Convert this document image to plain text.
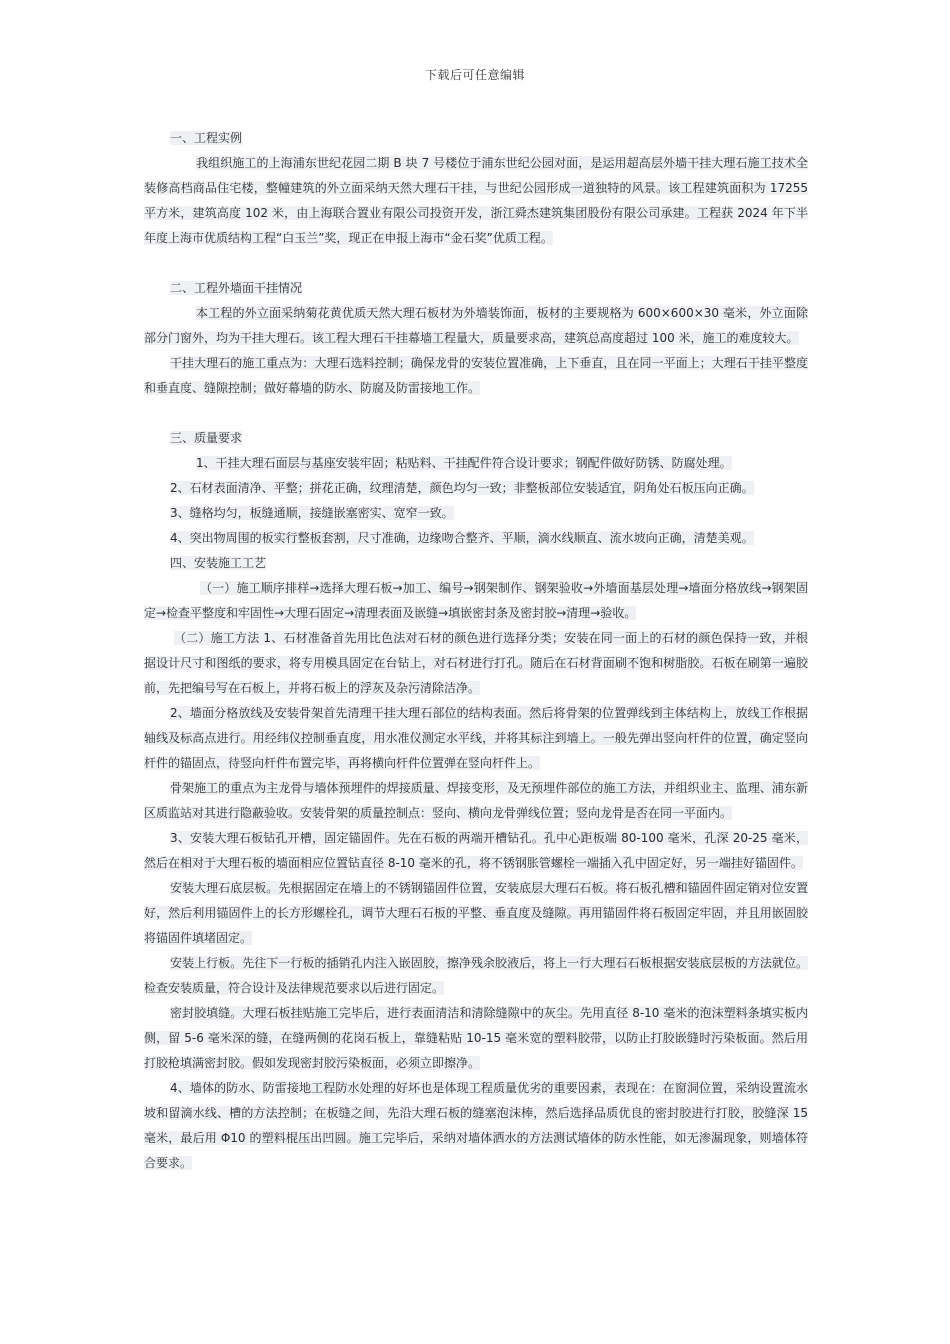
下载后可任意编辑

一、工程实例

我组织施工的上海浦东世纪花园二期 B 块 7 号楼位于浦东世纪公园对面，是运用超高层外墙干挂大理石施工技术全装修高档商品住宅楼，整幢建筑的外立面采纳天然大理石干挂，与世纪公园形成一道独特的风景。该工程建筑面积为 17255 平方米，建筑高度 102 米，由上海联合置业有限公司投资开发，浙江舜杰建筑集团股份有限公司承建。工程获 2024 年下半年度上海市优质结构工程“白玉兰”奖，现正在申报上海市“金石奖”优质工程。

二、工程外墙面干挂情况

本工程的外立面采纳菊花黄优质天然大理石板材为外墙装饰面，板材的主要规格为 600×600×30 毫米，外立面除部分门窗外，均为干挂大理石。该工程大理石干挂幕墙工程量大，质量要求高，建筑总高度超过 100 米，施工的难度较大。

干挂大理石的施工重点为：大理石选料控制；确保龙骨的安装位置准确，上下垂直，且在同一平面上；大理石干挂平整度和垂直度、缝隙控制；做好幕墙的防水、防腐及防雷接地工作。

三、质量要求

1、干挂大理石面层与基座安装牢固；粘贴料、干挂配件符合设计要求；钢配件做好防锈、防腐处理。

2、石材表面清净、平整；拼花正确，纹理清楚，颜色均匀一致；非整板部位安装适宜，阴角处石板压向正确。

3、缝格均匀，板缝通顺，接缝嵌塞密实、宽窄一致。

4、突出物周围的板实行整板套割，尺寸准确，边缘吻合整齐、平顺，滴水线顺直、流水坡向正确，清楚美观。

四、安装施工工艺

（一）施工顺序排样→选择大理石板→加工、编号→钢架制作、钢架验收→外墙面基层处理→墙面分格放线→钢架固定→检查平整度和牢固性→大理石固定→清理表面及嵌缝→填嵌密封条及密封胶→清理→验收。

（二）施工方法 1、石材准备首先用比色法对石材的颜色进行选择分类；安装在同一面上的石材的颜色保持一致，并根据设计尺寸和图纸的要求，将专用模具固定在台钻上，对石材进行打孔。随后在石材背面刷不饱和树脂胶。石板在刷第一遍胶前，先把编号写在石板上，并将石板上的浮灰及杂污清除洁净。

2、墙面分格放线及安装骨架首先清理干挂大理石部位的结构表面。然后将骨架的位置弹线到主体结构上，放线工作根据轴线及标高点进行。用经纬仪控制垂直度，用水准仪测定水平线，并将其标注到墙上。一般先弹出竖向杆件的位置，确定竖向杆件的锚固点，待竖向杆件布置完毕，再将横向杆件位置弹在竖向杆件上。

骨架施工的重点为主龙骨与墙体预埋件的焊接质量、焊接变形，及无预埋件部位的施工方法，并组织业主、监理、浦东新区质监站对其进行隐蔽验收。安装骨架的质量控制点：竖向、横向龙骨弹线位置；竖向龙骨是否在同一平面内。

3、安装大理石板钻孔开槽，固定锚固件。先在石板的两端开槽钻孔。孔中心距板端 80-100 毫米，孔深 20-25 毫米，然后在相对于大理石板的墙面相应位置钻直径 8-10 毫米的孔，将不锈钢胀管螺栓一端插入孔中固定好，另一端挂好锚固件。

安装大理石底层板。先根据固定在墙上的不锈钢锚固件位置，安装底层大理石石板。将石板孔槽和锚固件固定销对位安置好，然后利用锚固件上的长方形螺栓孔，调节大理石石板的平整、垂直度及缝隙。再用锚固件将石板固定牢固，并且用嵌固胶将锚固件填堵固定。

安装上行板。先往下一行板的插销孔内注入嵌固胶，擦净残余胶液后，将上一行大理石石板根据安装底层板的方法就位。检查安装质量，符合设计及法律规范要求以后进行固定。

密封胶填缝。大理石板挂贴施工完毕后，进行表面清洁和清除缝隙中的灰尘。先用直径 8-10 毫米的泡沫塑料条填实板内侧，留 5-6 毫米深的缝，在缝两侧的花岗石板上，靠缝粘贴 10-15 毫米宽的塑料胶带，以防止打胶嵌缝时污染板面。然后用打胶枪填满密封胶。假如发现密封胶污染板面，必须立即擦净。

4、墙体的防水、防雷接地工程防水处理的好坏也是体现工程质量优劣的重要因素，表现在：在窗洞位置，采纳设置流水坡和留滴水线、槽的方法控制；在板缝之间，先沿大理石板的缝塞泡沫棒，然后选择品质优良的密封胶进行打胶，胶缝深 15 毫米，最后用 Φ10 的塑料棍压出凹圆。施工完毕后，采纳对墙体洒水的方法测试墙体的防水性能，如无渗漏现象，则墙体符合要求。
